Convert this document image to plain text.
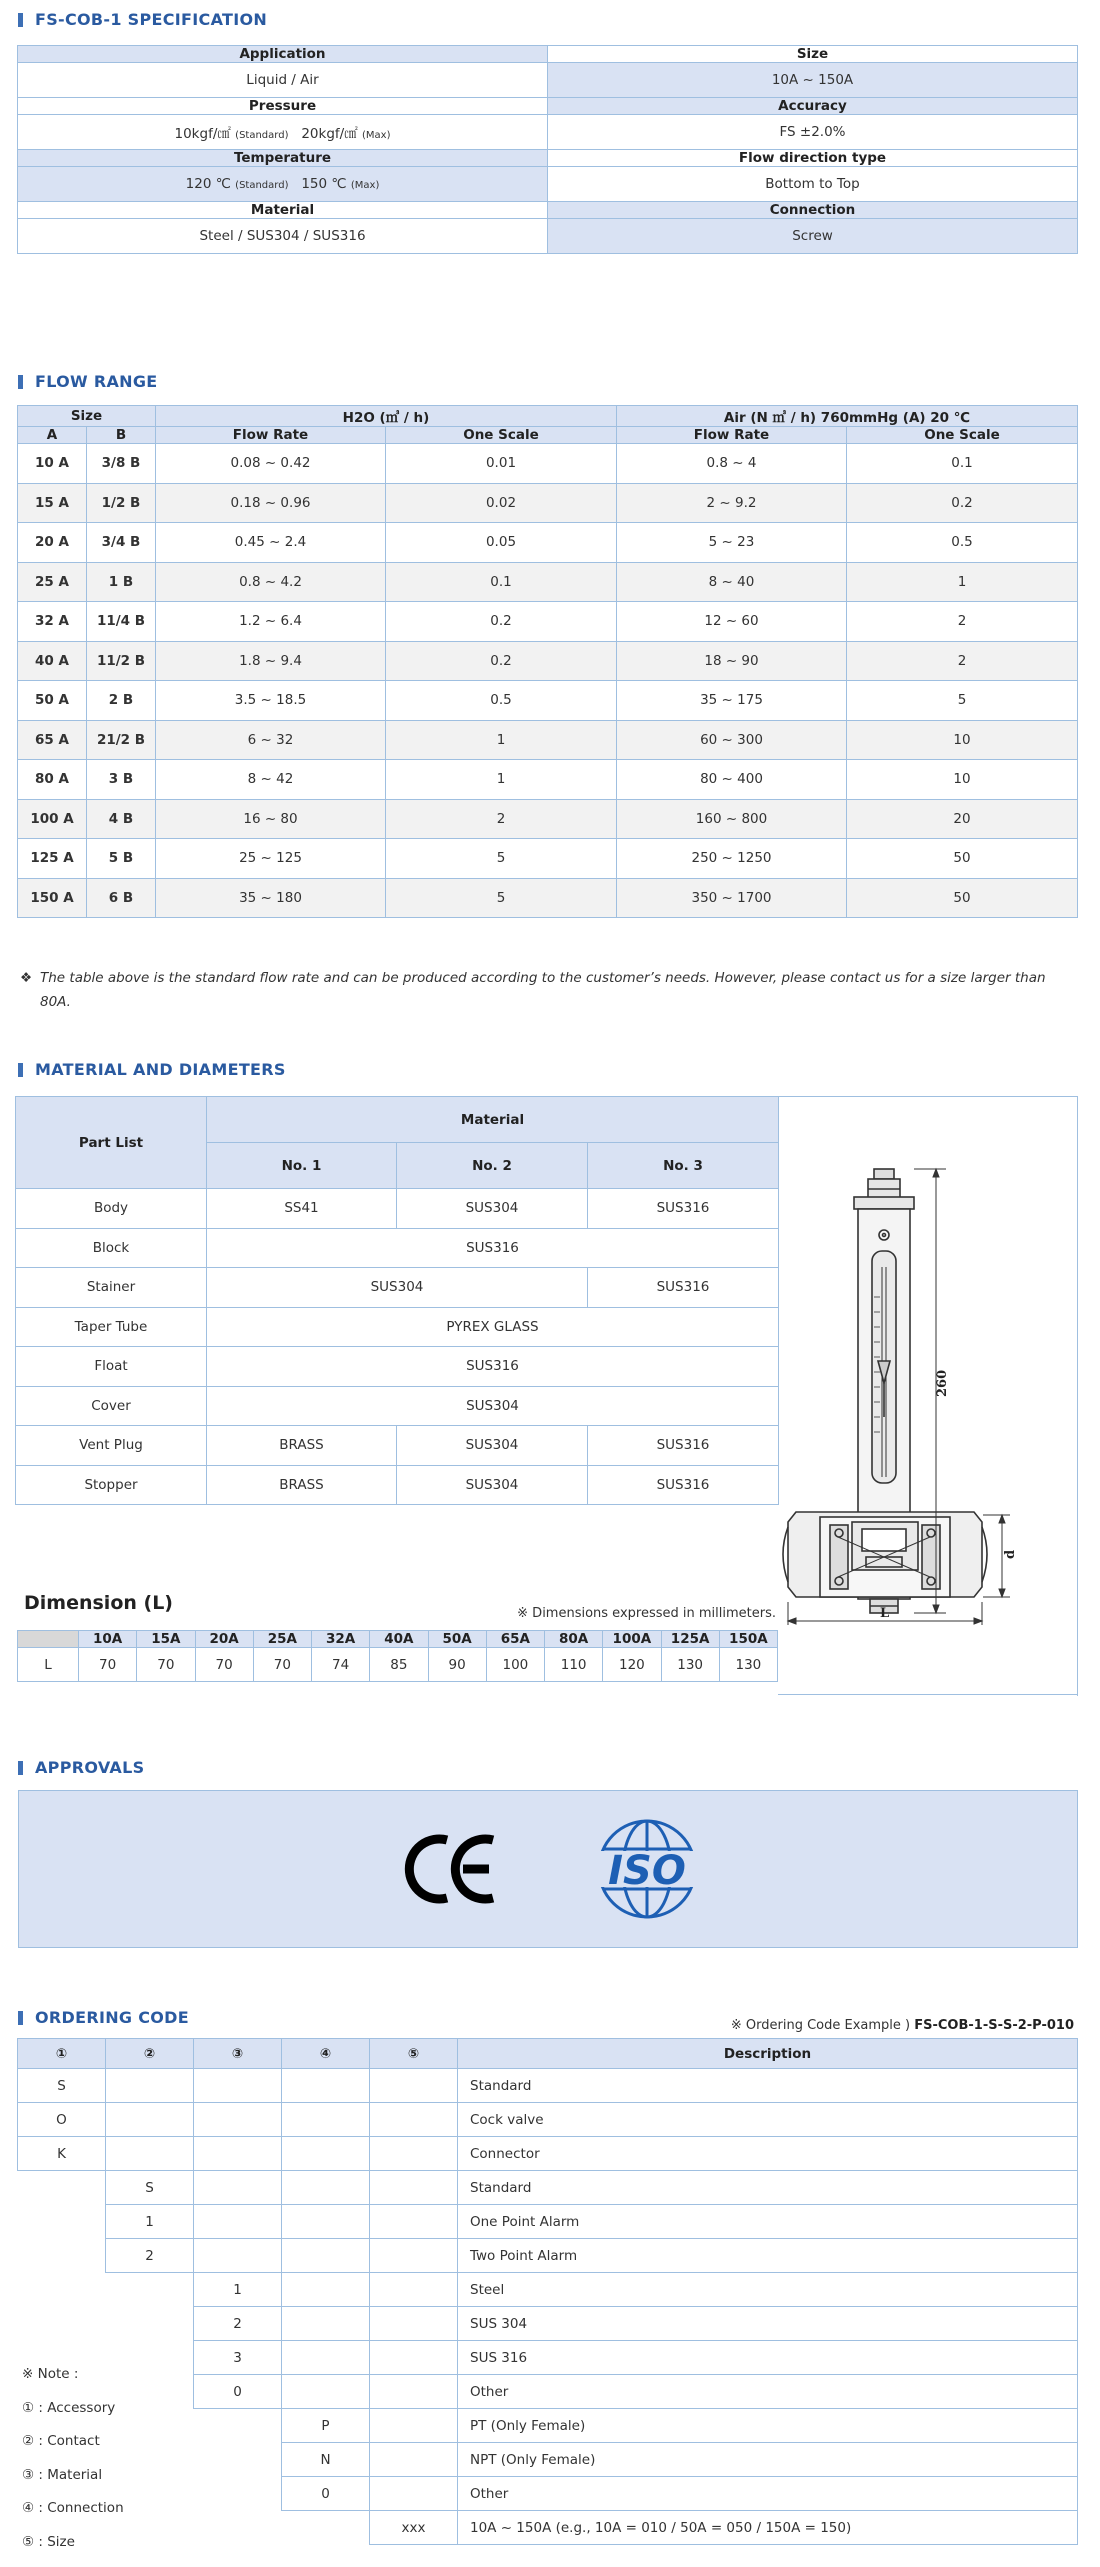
FS-COB-1 SPECIFICATION
Application	Size
Liquid / Air	10A ~ 150A
Pressure	Accuracy
10kgf/㎠ (Standard) 20kgf/㎠ (Max)	FS ±2.0%
Temperature	Flow direction type
120 ℃ (Standard) 150 ℃ (Max)	Bottom to Top
Material	Connection
Steel / SUS304 / SUS316	Screw
FLOW RANGE
Size		H2O (㎥ / h)		Air (N ㎥ / h) 760mmHg (A) 20 ℃	
A	B	Flow Rate	One Scale	Flow Rate	One Scale
10 A	3/8 B	0.08 ~ 0.42	0.01	0.8 ~ 4	0.1
15 A	1/2 B	0.18 ~ 0.96	0.02	2 ~ 9.2	0.2
20 A	3/4 B	0.45 ~ 2.4	0.05	5 ~ 23	0.5
25 A	1 B	0.8 ~ 4.2	0.1	8 ~ 40	1
32 A	11/4 B	1.2 ~ 6.4	0.2	12 ~ 60	2
40 A	11/2 B	1.8 ~ 9.4	0.2	18 ~ 90	2
50 A	2 B	3.5 ~ 18.5	0.5	35 ~ 175	5
65 A	21/2 B	6 ~ 32	1	60 ~ 300	10
80 A	3 B	8 ~ 42	1	80 ~ 400	10
100 A	4 B	16 ~ 80	2	160 ~ 800	20
125 A	5 B	25 ~ 125	5	250 ~ 1250	50
150 A	6 B	35 ~ 180	5	350 ~ 1700	50
❖ The table above is the standard flow rate and can be produced according to the customer’s needs. However, please contact us for a size larger than 80A.
MATERIAL AND DIAMETERS
Part List	Material		
	No. 1	No. 2	No. 3
Body	SS41	SUS304	SUS316
Block	SUS316		
Stainer	SUS304		SUS316
Taper Tube	PYREX GLASS		
Float	SUS316		
Cover	SUS304		
Vent Plug	BRASS	SUS304	SUS316
Stopper	BRASS	SUS304	SUS316
260
d
L
Dimension (L)	※ Dimensions expressed in millimeters.
	10A	15A	20A	25A	32A	40A	50A	65A	80A	100A	125A	150A
L	70	70	70	70	74	85	90	100	110	120	130	130
APPROVALS
ISO
ORDERING CODE	※ Ordering Code Example ) FS-COB-1-S-S-2-P-010
①	②	③	④	⑤	Description
S					Standard
O					Cock valve
K					Connector
	S				Standard
	1				One Point Alarm
	2				Two Point Alarm
		1			Steel
		2			SUS 304
		3			SUS 316
		0			Other
			P		PT (Only Female)
			N		NPT (Only Female)
			0		Other
				xxx	10A ~ 150A (e.g., 10A = 010 / 50A = 050 / 150A = 150)
※ Note :
① : Accessory
② : Contact
③ : Material
④ : Connection
⑤ : Size
